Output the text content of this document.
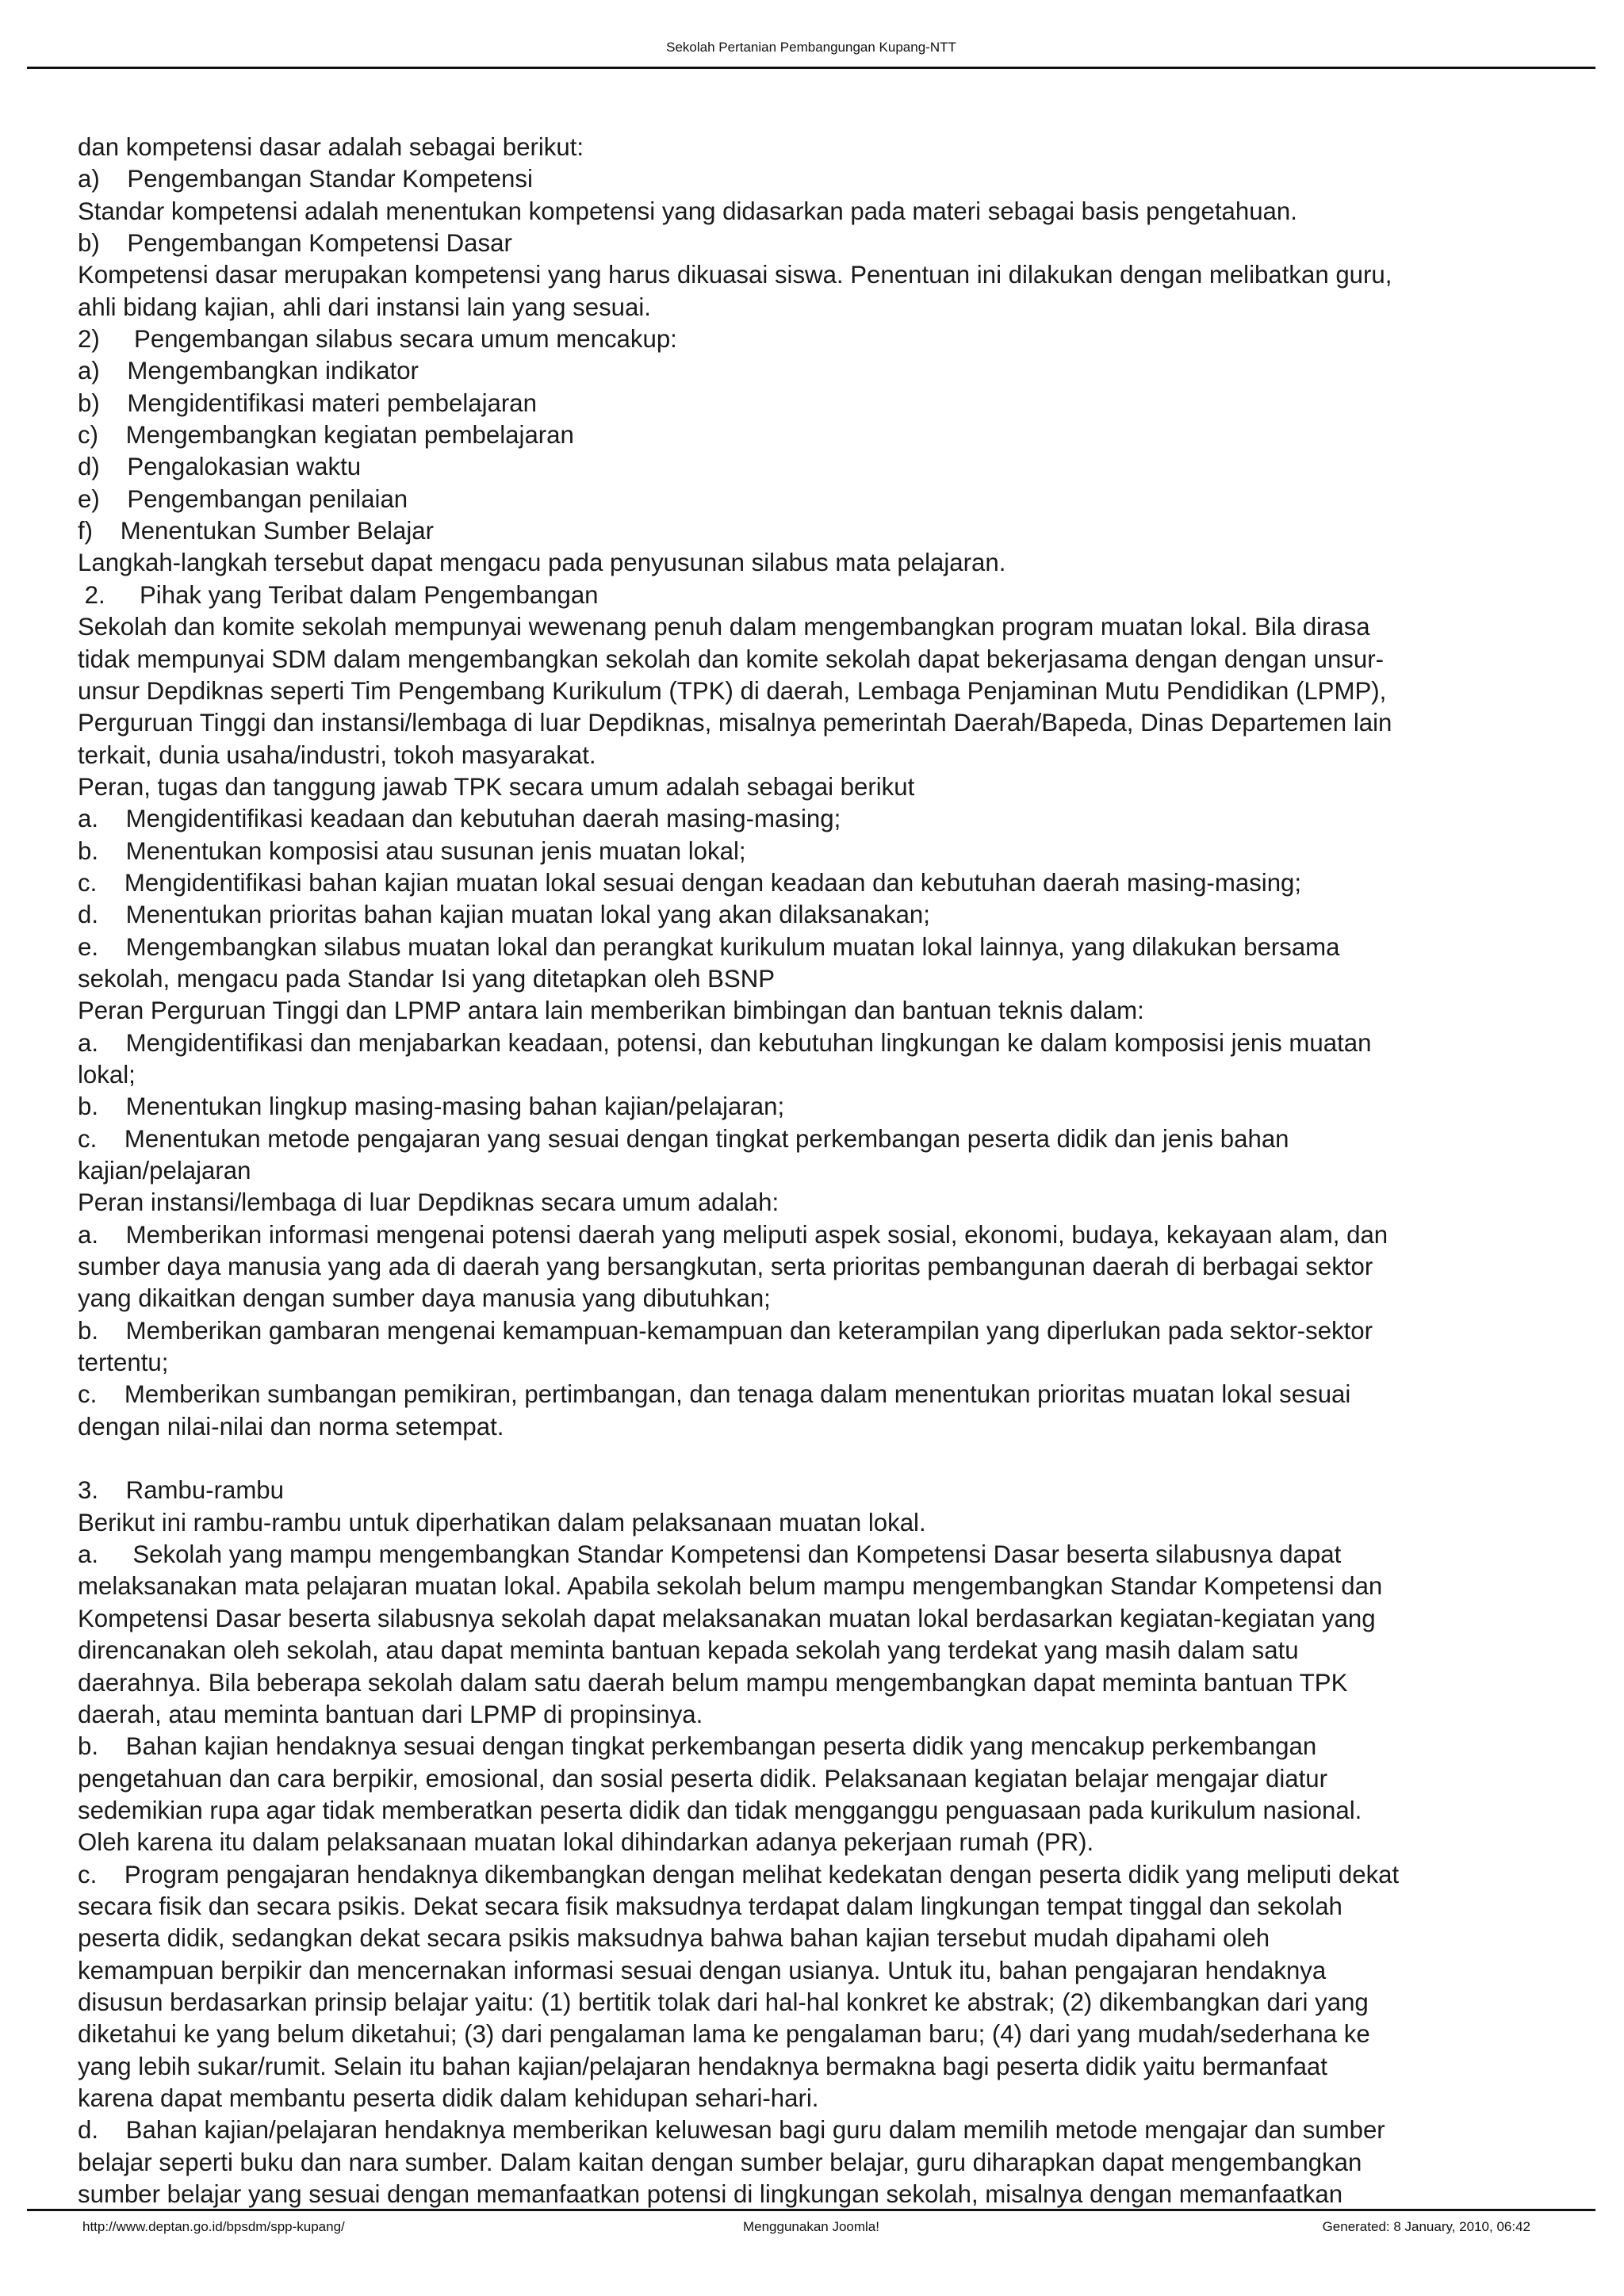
Sekolah Pertanian Pembangungan Kupang-NTT
dan kompetensi dasar adalah sebagai berikut:
a)    Pengembangan Standar Kompetensi
Standar kompetensi adalah menentukan kompetensi yang didasarkan pada materi sebagai basis pengetahuan.
b)    Pengembangan Kompetensi Dasar
Kompetensi dasar merupakan kompetensi yang harus dikuasai siswa. Penentuan ini dilakukan dengan melibatkan guru,
ahli bidang kajian, ahli dari instansi lain yang sesuai.
2)     Pengembangan silabus secara umum mencakup:
a)    Mengembangkan indikator
b)    Mengidentifikasi materi pembelajaran
c)    Mengembangkan kegiatan pembelajaran
d)    Pengalokasian waktu
e)    Pengembangan penilaian
f)    Menentukan Sumber Belajar
Langkah-langkah tersebut dapat mengacu pada penyusunan silabus mata pelajaran.
2.     Pihak yang Teribat dalam Pengembangan
Sekolah dan komite sekolah mempunyai wewenang penuh dalam mengembangkan program muatan lokal. Bila dirasa
tidak mempunyai SDM dalam mengembangkan sekolah dan komite sekolah dapat bekerjasama dengan dengan unsur-
unsur Depdiknas seperti Tim Pengembang Kurikulum (TPK) di daerah, Lembaga Penjaminan Mutu Pendidikan (LPMP),
Perguruan Tinggi dan instansi/lembaga di luar Depdiknas, misalnya pemerintah Daerah/Bapeda, Dinas Departemen lain
terkait, dunia usaha/industri, tokoh masyarakat.
Peran, tugas dan tanggung jawab TPK secara umum adalah sebagai berikut
a.    Mengidentifikasi keadaan dan kebutuhan daerah masing-masing;
b.    Menentukan komposisi atau susunan jenis muatan lokal;
c.    Mengidentifikasi bahan kajian muatan lokal sesuai dengan keadaan dan kebutuhan daerah masing-masing;
d.    Menentukan prioritas bahan kajian muatan lokal yang akan dilaksanakan;
e.    Mengembangkan silabus muatan lokal dan perangkat kurikulum muatan lokal lainnya, yang dilakukan bersama
sekolah, mengacu pada Standar Isi yang ditetapkan oleh BSNP
Peran Perguruan Tinggi dan LPMP antara lain memberikan bimbingan dan bantuan teknis dalam:
a.    Mengidentifikasi dan menjabarkan keadaan, potensi, dan kebutuhan lingkungan ke dalam komposisi jenis muatan
lokal;
b.    Menentukan lingkup masing-masing bahan kajian/pelajaran;
c.    Menentukan metode pengajaran yang sesuai dengan tingkat perkembangan peserta didik dan jenis bahan
kajian/pelajaran
Peran instansi/lembaga di luar Depdiknas secara umum adalah:
a.    Memberikan informasi mengenai potensi daerah yang meliputi aspek sosial, ekonomi, budaya, kekayaan alam, dan
sumber daya manusia yang ada di daerah yang bersangkutan, serta prioritas pembangunan daerah di berbagai sektor
yang dikaitkan dengan sumber daya manusia yang dibutuhkan;
b.    Memberikan gambaran mengenai kemampuan-kemampuan dan keterampilan yang diperlukan pada sektor-sektor
tertentu;
c.    Memberikan sumbangan pemikiran, pertimbangan, dan tenaga dalam menentukan prioritas muatan lokal sesuai
dengan nilai-nilai dan norma setempat.
3.    Rambu-rambu
Berikut ini rambu-rambu untuk diperhatikan dalam pelaksanaan muatan lokal.
a.     Sekolah yang mampu mengembangkan Standar Kompetensi dan Kompetensi Dasar beserta silabusnya dapat
melaksanakan mata pelajaran muatan lokal. Apabila sekolah belum mampu mengembangkan Standar Kompetensi dan
Kompetensi Dasar beserta silabusnya sekolah dapat melaksanakan muatan lokal berdasarkan kegiatan-kegiatan yang
direncanakan oleh sekolah, atau dapat meminta bantuan kepada sekolah yang terdekat yang masih dalam satu
daerahnya. Bila beberapa sekolah dalam satu daerah belum mampu mengembangkan dapat meminta bantuan TPK
daerah, atau meminta bantuan dari LPMP di propinsinya.
b.    Bahan kajian hendaknya sesuai dengan tingkat perkembangan peserta didik yang mencakup perkembangan
pengetahuan dan cara berpikir, emosional, dan sosial peserta didik. Pelaksanaan kegiatan belajar mengajar diatur
sedemikian rupa agar tidak memberatkan peserta didik dan tidak mengganggu penguasaan pada kurikulum nasional.
Oleh karena itu dalam pelaksanaan muatan lokal dihindarkan adanya pekerjaan rumah (PR).
c.    Program pengajaran hendaknya dikembangkan dengan melihat kedekatan dengan peserta didik yang meliputi dekat
secara fisik dan secara psikis. Dekat secara fisik maksudnya terdapat dalam lingkungan tempat tinggal dan sekolah
peserta didik, sedangkan dekat secara psikis maksudnya bahwa bahan kajian tersebut mudah dipahami oleh
kemampuan berpikir dan mencernakan informasi sesuai dengan usianya. Untuk itu, bahan pengajaran hendaknya
disusun berdasarkan prinsip belajar yaitu: (1) bertitik tolak dari hal-hal konkret ke abstrak; (2) dikembangkan dari yang
diketahui ke yang belum diketahui; (3) dari pengalaman lama ke pengalaman baru; (4) dari yang mudah/sederhana ke
yang lebih sukar/rumit. Selain itu bahan kajian/pelajaran hendaknya bermakna bagi peserta didik yaitu bermanfaat
karena dapat membantu peserta didik dalam kehidupan sehari-hari.
d.    Bahan kajian/pelajaran hendaknya memberikan keluwesan bagi guru dalam memilih metode mengajar dan sumber
belajar seperti buku dan nara sumber. Dalam kaitan dengan sumber belajar, guru diharapkan dapat mengembangkan
sumber belajar yang sesuai dengan memanfaatkan potensi di lingkungan sekolah, misalnya dengan memanfaatkan
http://www.deptan.go.id/bpsdm/spp-kupang/	Menggunakan Joomla!	Generated: 8 January, 2010, 06:42
